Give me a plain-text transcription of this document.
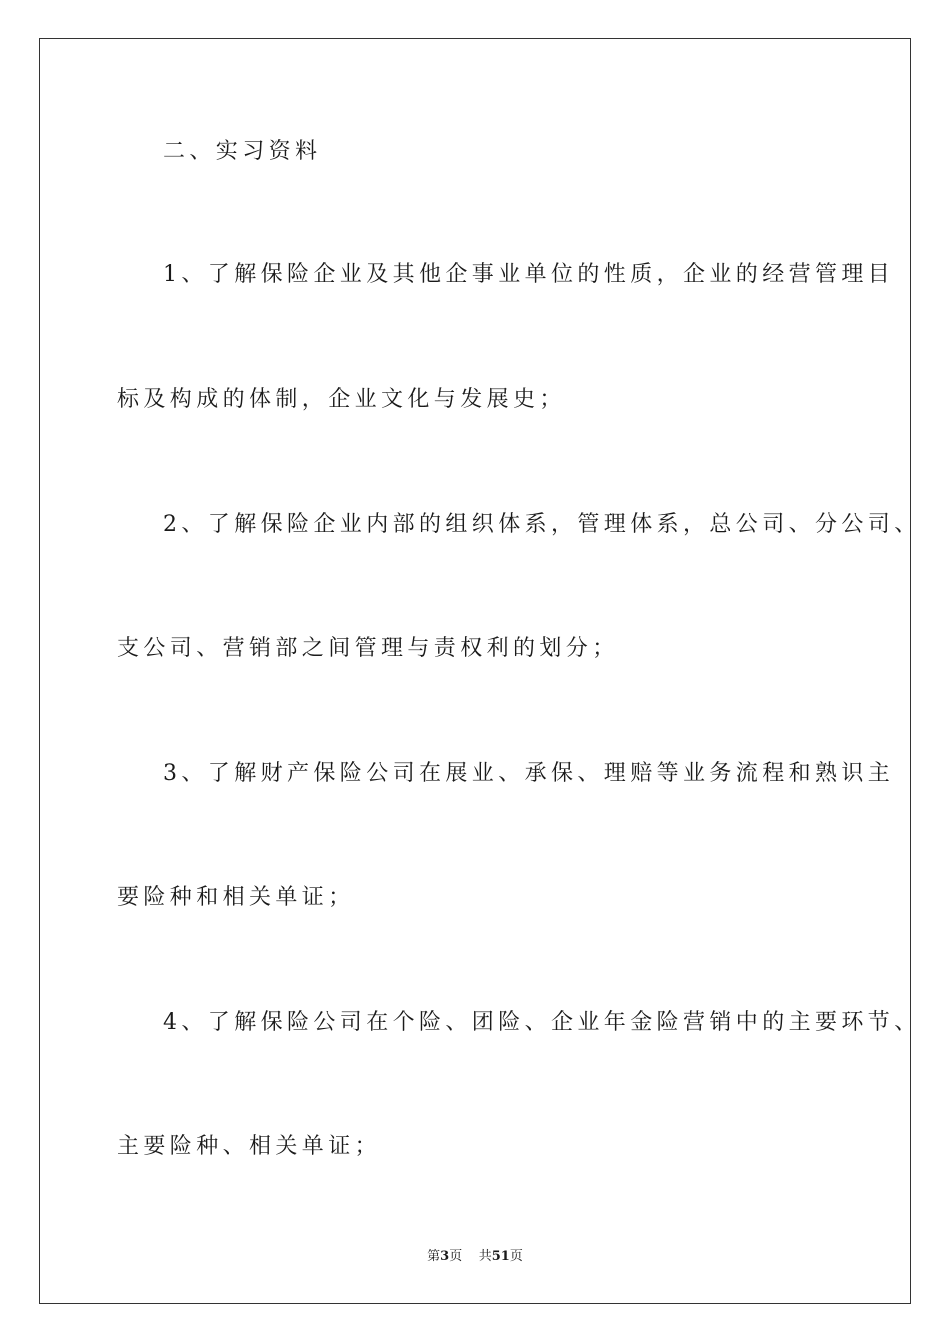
二、实习资料
1、了解保险企业及其他企事业单位的性质，企业的经营管理目
标及构成的体制，企业文化与发展史；
2、了解保险企业内部的组织体系，管理体系，总公司、分公司、
支公司、营销部之间管理与责权利的划分；
3、了解财产保险公司在展业、承保、理赔等业务流程和熟识主
要险种和相关单证；
4、了解保险公司在个险、团险、企业年金险营销中的主要环节、
主要险种、相关单证；
第3页 共51页
